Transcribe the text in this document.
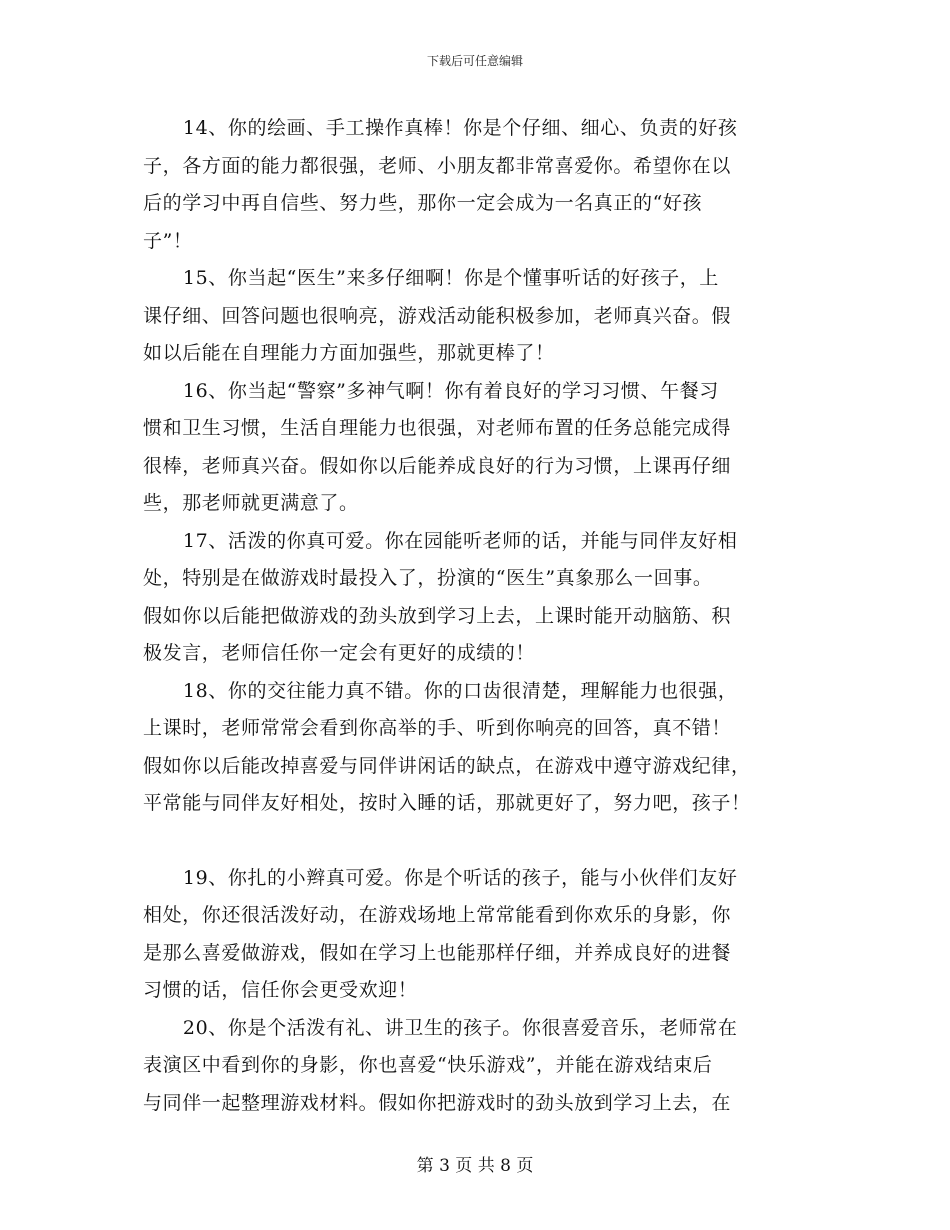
下载后可任意编辑

14、你的绘画、手工操作真棒！你是个仔细、细心、负责的好孩
子，各方面的能力都很强，老师、小朋友都非常喜爱你。希望你在以
后的学习中再自信些、努力些，那你一定会成为一名真正的“好孩
子”！

15、你当起“医生”来多仔细啊！你是个懂事听话的好孩子，上
课仔细、回答问题也很响亮，游戏活动能积极参加，老师真兴奋。假
如以后能在自理能力方面加强些，那就更棒了！

16、你当起“警察”多神气啊！你有着良好的学习习惯、午餐习
惯和卫生习惯，生活自理能力也很强，对老师布置的任务总能完成得
很棒，老师真兴奋。假如你以后能养成良好的行为习惯，上课再仔细
些，那老师就更满意了。

17、活泼的你真可爱。你在园能听老师的话，并能与同伴友好相
处，特别是在做游戏时最投入了，扮演的“医生”真象那么一回事。
假如你以后能把做游戏的劲头放到学习上去，上课时能开动脑筋、积
极发言，老师信任你一定会有更好的成绩的！

18、你的交往能力真不错。你的口齿很清楚，理解能力也很强，
上课时，老师常常会看到你高举的手、听到你响亮的回答，真不错！
假如你以后能改掉喜爱与同伴讲闲话的缺点，在游戏中遵守游戏纪律，
平常能与同伴友好相处，按时入睡的话，那就更好了，努力吧，孩子！

19、你扎的小辫真可爱。你是个听话的孩子，能与小伙伴们友好
相处，你还很活泼好动，在游戏场地上常常能看到你欢乐的身影，你
是那么喜爱做游戏，假如在学习上也能那样仔细，并养成良好的进餐
习惯的话，信任你会更受欢迎！

20、你是个活泼有礼、讲卫生的孩子。你很喜爱音乐，老师常在
表演区中看到你的身影，你也喜爱“快乐游戏”，并能在游戏结束后
与同伴一起整理游戏材料。假如你把游戏时的劲头放到学习上去，在

第 3 页 共 8 页
